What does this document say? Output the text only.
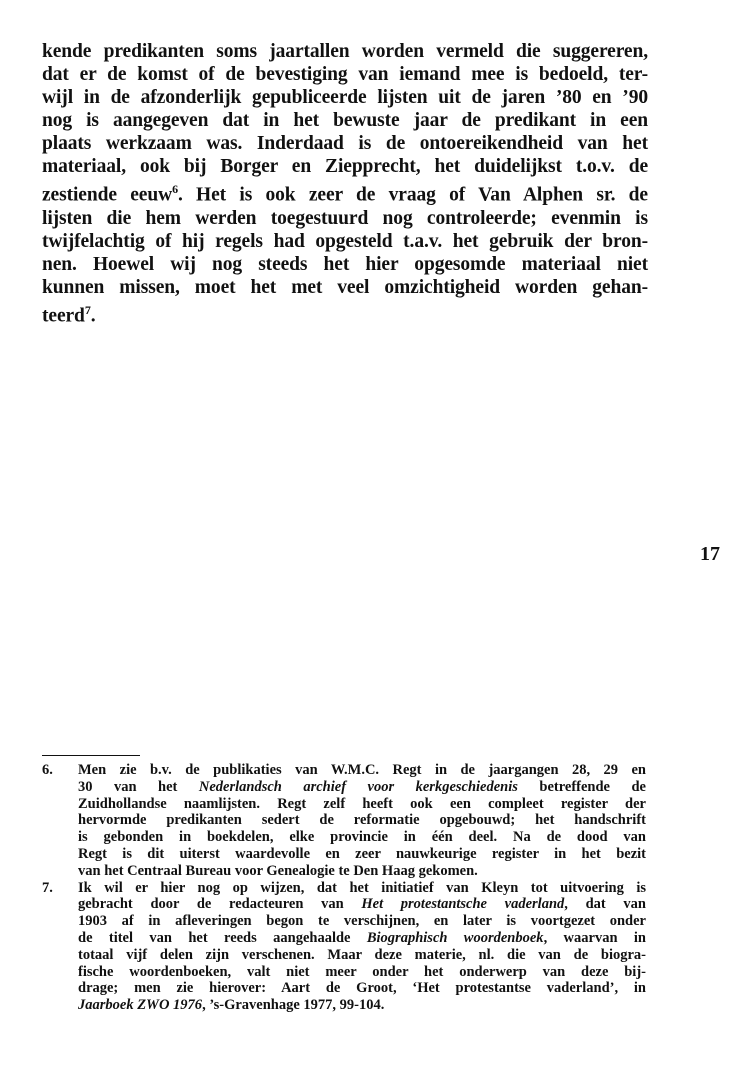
kende predikanten soms jaartallen worden vermeld die suggereren,
dat er de komst of de bevestiging van iemand mee is bedoeld, ter-
wijl in de afzonderlijk gepubliceerde lijsten uit de jaren ’80 en ’90
nog is aangegeven dat in het bewuste jaar de predikant in een
plaats werkzaam was. Inderdaad is de ontoereikendheid van het
materiaal, ook bij Borger en Ziepprecht, het duidelijkst t.o.v. de
zestiende eeuw$^6$. Het is ook zeer de vraag of Van Alphen sr. de
lijsten die hem werden toegestuurd nog controleerde; evenmin is
twijfelachtig of hij regels had opgesteld t.a.v. het gebruik der bron-
nen. Hoewel wij nog steeds het hier opgesomde materiaal niet
kunnen missen, moet het met veel omzichtigheid worden gehan-
teerd$^7$.
17
6. Men zie b.v. de publikaties van W.M.C. Regt in de jaargangen 28, 29 en
30 van het Nederlandsch archief voor kerkgeschiedenis betreffende de
Zuidhollandse naamlijsten. Regt zelf heeft ook een compleet register der
hervormde predikanten sedert de reformatie opgebouwd; het handschrift
is gebonden in boekdelen, elke provincie in één deel. Na de dood van
Regt is dit uiterst waardevolle en zeer nauwkeurige register in het bezit
van het Centraal Bureau voor Genealogie te Den Haag gekomen.
7. Ik wil er hier nog op wijzen, dat het initiatief van Kleyn tot uitvoering is
gebracht door de redacteuren van Het protestantsche vaderland, dat van
1903 af in afleveringen begon te verschijnen, en later is voortgezet onder
de titel van het reeds aangehaalde Biographisch woordenboek, waarvan in
totaal vijf delen zijn verschenen. Maar deze materie, nl. die van de biogra-
fische woordenboeken, valt niet meer onder het onderwerp van deze bij-
drage; men zie hierover: Aart de Groot, ‘Het protestantse vaderland’, in
Jaarboek ZWO 1976, ’s-Gravenhage 1977, 99-104.
